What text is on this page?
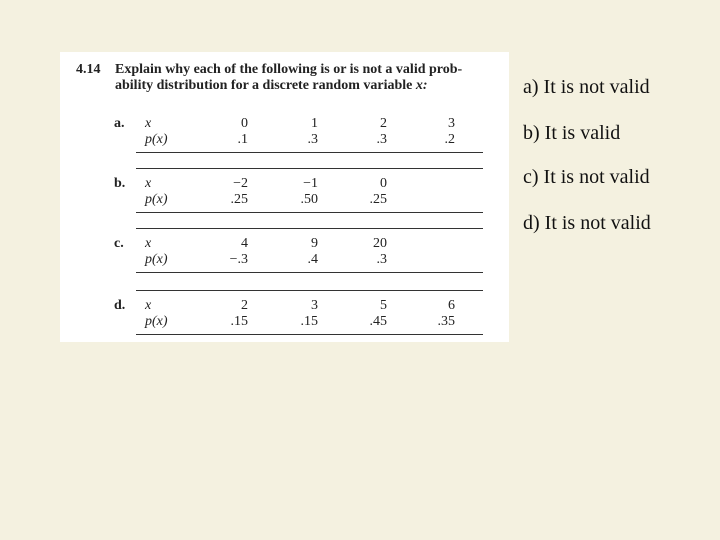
4.14 Explain why each of the following is or is not a valid prob-
ability distribution for a discrete random variable x:
a. x	0	1	2	3
p(x)	.1	.3	.3	.2
b. x	−2	−1	0
p(x)	.25	.50	.25
c. x	4	9	20
p(x)	−.3	.4	.3
d. x	2	3	5	6
p(x)	.15	.15	.45	.35
a) It is not valid
b) It is valid
c) It is not valid
d) It is not valid
